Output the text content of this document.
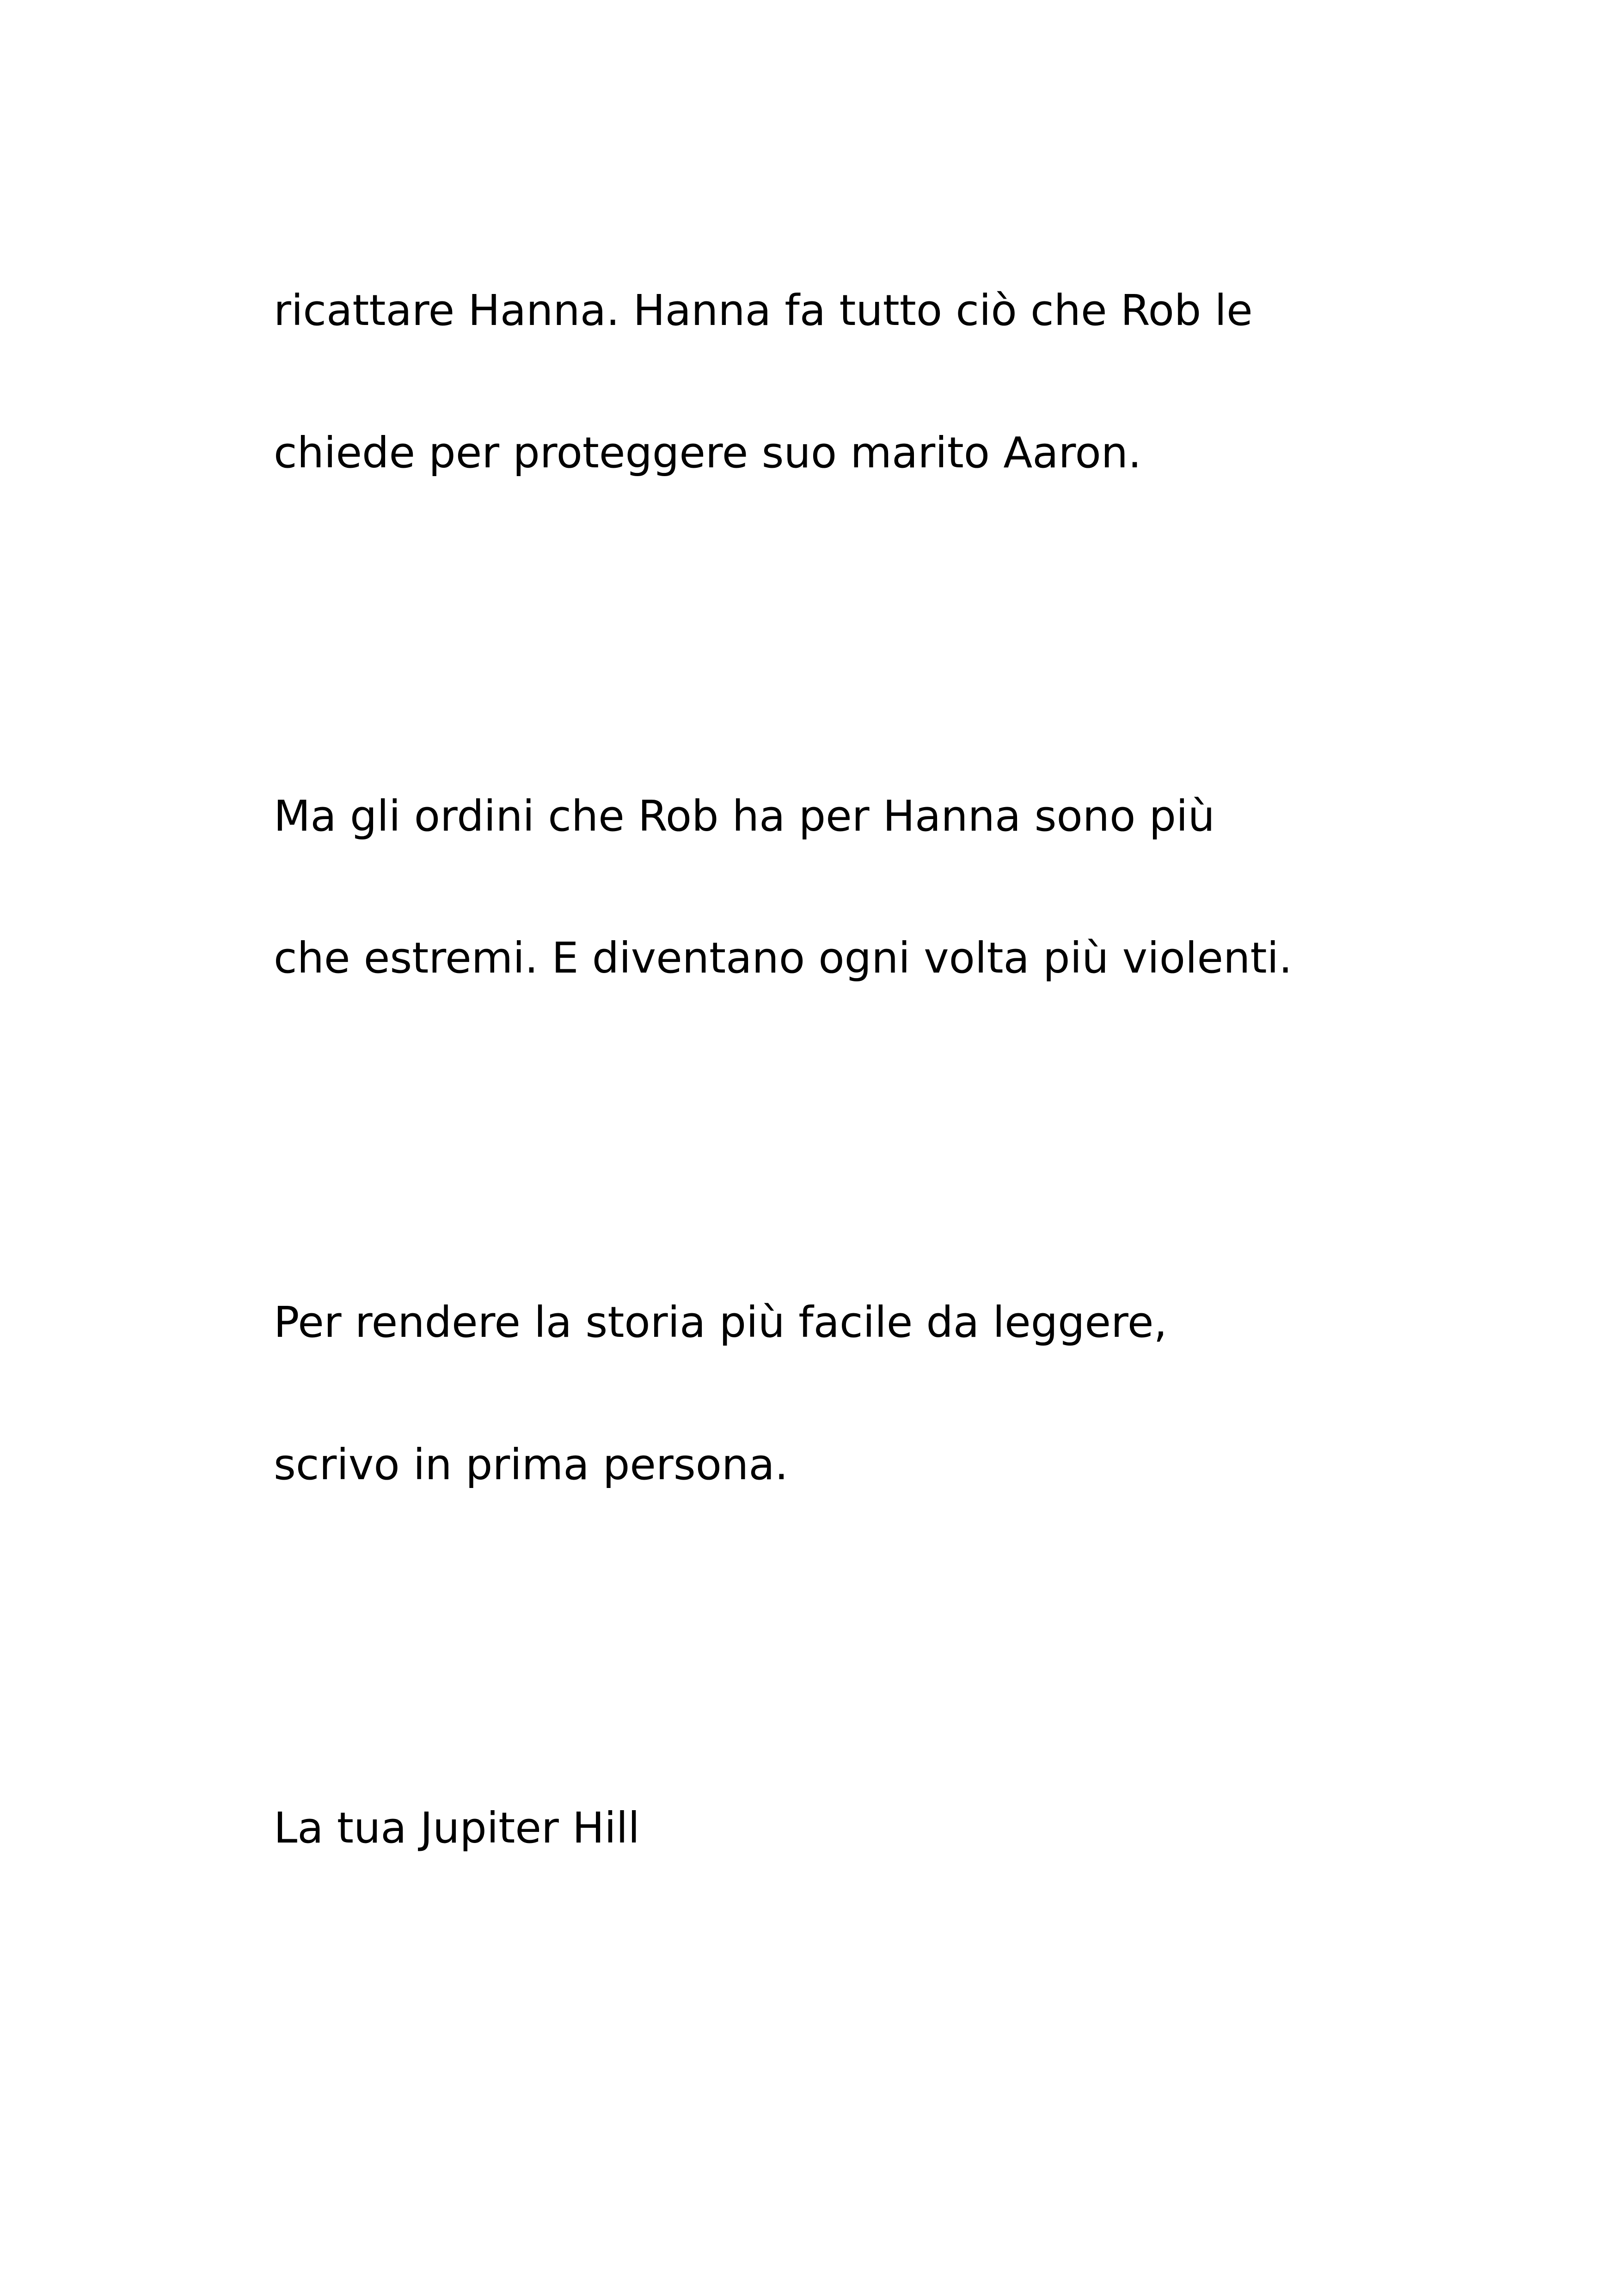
ricattare Hanna. Hanna fa tutto ciò che Rob le

chiede per proteggere suo marito Aaron.

Ma gli ordini che Rob ha per Hanna sono più

che estremi. E diventano ogni volta più violenti.

Per rendere la storia più facile da leggere,

scrivo in prima persona.

La tua Jupiter Hill
